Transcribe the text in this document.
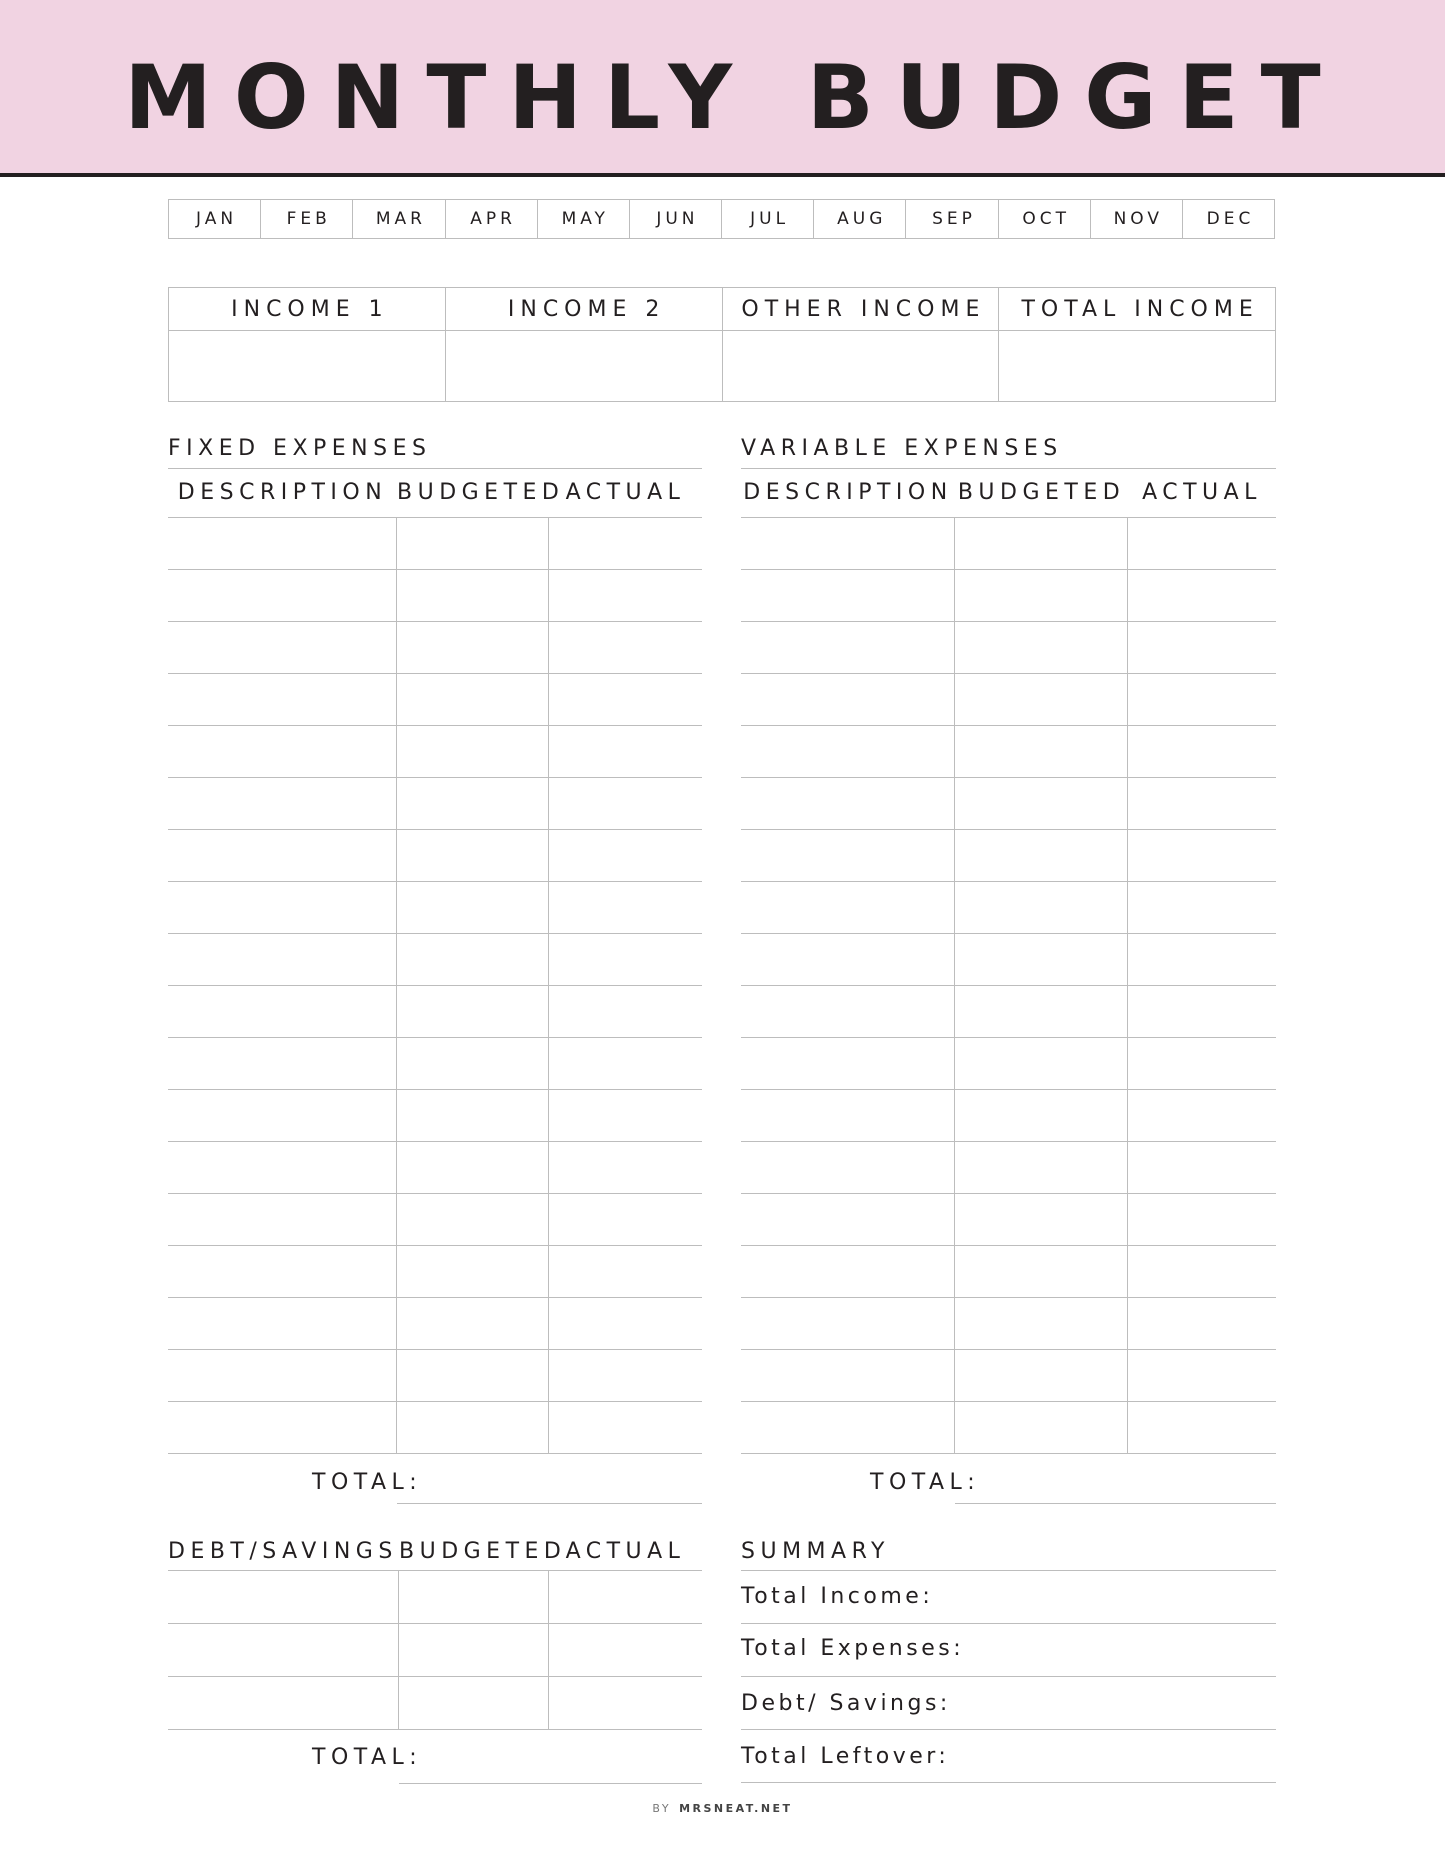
MONTHLY BUDGET
JAN	FEB	MAR	APR	MAY	JUN	JUL	AUG	SEP	OCT	NOV	DEC
INCOME 1	INCOME 2	OTHER INCOME	TOTAL INCOME
FIXED EXPENSES
DESCRIPTION BUDGETED ACTUAL
TOTAL:
VARIABLE EXPENSES
DESCRIPTION BUDGETED ACTUAL
TOTAL:
DEBT/SAVINGS BUDGETED ACTUAL
TOTAL:
SUMMARY
Total Income:
Total Expenses:
Debt/ Savings:
Total Leftover:
BY MRSNEAT.NET
